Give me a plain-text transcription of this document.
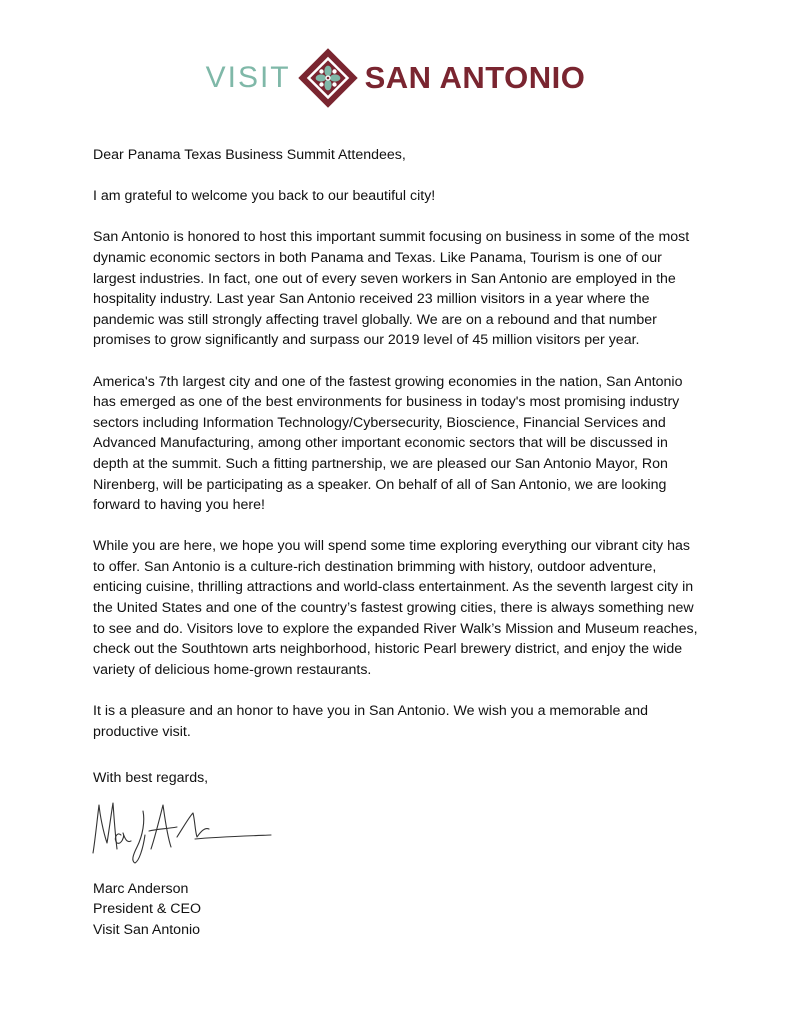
VISIT SAN ANTONIO

Dear Panama Texas Business Summit Attendees,

I am grateful to welcome you back to our beautiful city!

San Antonio is honored to host this important summit focusing on business in some of the most dynamic economic sectors in both Panama and Texas. Like Panama, Tourism is one of our largest industries. In fact, one out of every seven workers in San Antonio are employed in the hospitality industry. Last year San Antonio received 23 million visitors in a year where the pandemic was still strongly affecting travel globally. We are on a rebound and that number promises to grow significantly and surpass our 2019 level of 45 million visitors per year.

America's 7th largest city and one of the fastest growing economies in the nation, San Antonio has emerged as one of the best environments for business in today's most promising industry sectors including Information Technology/Cybersecurity, Bioscience, Financial Services and Advanced Manufacturing, among other important economic sectors that will be discussed in depth at the summit. Such a fitting partnership, we are pleased our San Antonio Mayor, Ron Nirenberg, will be participating as a speaker. On behalf of all of San Antonio, we are looking forward to having you here!

While you are here, we hope you will spend some time exploring everything our vibrant city has to offer. San Antonio is a culture-rich destination brimming with history, outdoor adventure, enticing cuisine, thrilling attractions and world-class entertainment. As the seventh largest city in the United States and one of the country’s fastest growing cities, there is always something new to see and do. Visitors love to explore the expanded River Walk’s Mission and Museum reaches, check out the Southtown arts neighborhood, historic Pearl brewery district, and enjoy the wide variety of delicious home-grown restaurants.

It is a pleasure and an honor to have you in San Antonio. We wish you a memorable and productive visit.

With best regards,
Marc Anderson
President & CEO
Visit San Antonio
